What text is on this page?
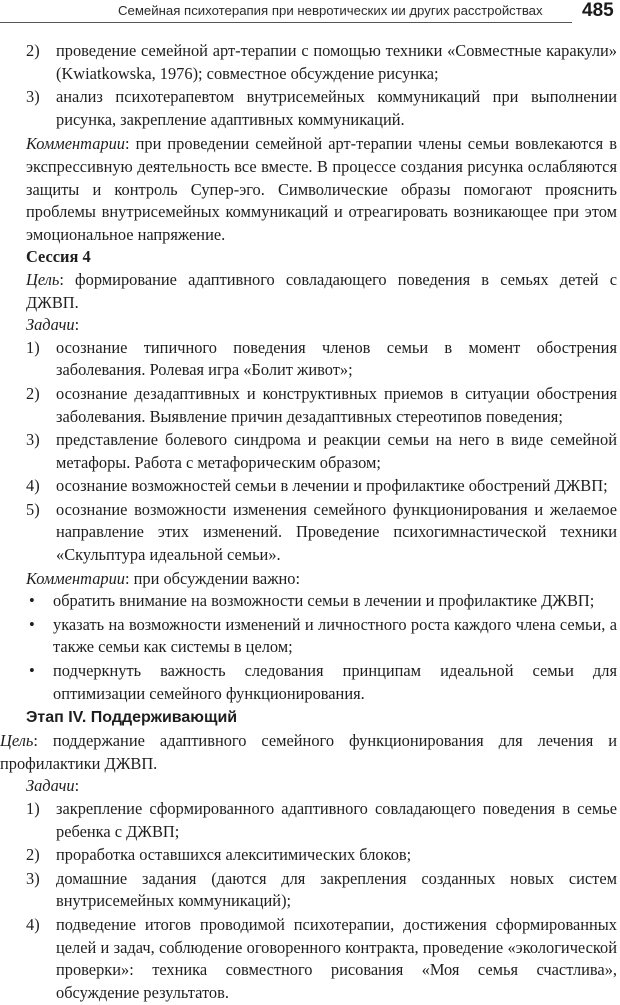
Семейная психотерапия при невротических ии других расстройствах 485
2) проведение семейной арт-терапии с помощью техники «Совместные каракули» (Kwiatkowska, 1976); совместное обсуждение рисунка;
3) анализ психотерапевтом внутрисемейных коммуникаций при выполнении рисунка, закрепление адаптивных коммуникаций.

Комментарии: при проведении семейной арт-терапии члены семьи вовлекаются в экспрессивную деятельность все вместе. В процессе создания рисунка ослабляются защиты и контроль Супер-эго. Символические образы помогают прояснить проблемы внутрисемейных коммуникаций и отреагировать возникающее при этом эмоциональное напряжение.

Сессия 4

Цель: формирование адаптивного совладающего поведения в семьях детей с ДЖВП.

Задачи:

1) осознание типичного поведения членов семьи в момент обострения заболевания. Ролевая игра «Болит живот»;
2) осознание дезадаптивных и конструктивных приемов в ситуации обострения заболевания. Выявление причин дезадаптивных стереотипов поведения;
3) представление болевого синдрома и реакции семьи на него в виде семейной метафоры. Работа с метафорическим образом;
4) осознание возможностей семьи в лечении и профилактике обострений ДЖВП;
5) осознание возможности изменения семейного функционирования и желаемое направление этих изменений. Проведение психогимнастической техники «Скульптура идеальной семьи».

Комментарии: при обсуждении важно:

• обратить внимание на возможности семьи в лечении и профилактике ДЖВП;
• указать на возможности изменений и личностного роста каждого члена семьи, а также семьи как системы в целом;
• подчеркнуть важность следования принципам идеальной семьи для оптимизации семейного функционирования.

Этап IV. Поддерживающий

Цель: поддержание адаптивного семейного функционирования для лечения и профилактики ДЖВП.

Задачи:

1) закрепление сформированного адаптивного совладающего поведения в семье ребенка с ДЖВП;
2) проработка оставшихся алекситимических блоков;
3) домашние задания (даются для закрепления созданных новых систем внутрисемейных коммуникаций);
4) подведение итогов проводимой психотерапии, достижения сформированных целей и задач, соблюдение оговоренного контракта, проведение «экологической проверки»: техника совместного рисования «Моя семья счастлива», обсуждение результатов.
